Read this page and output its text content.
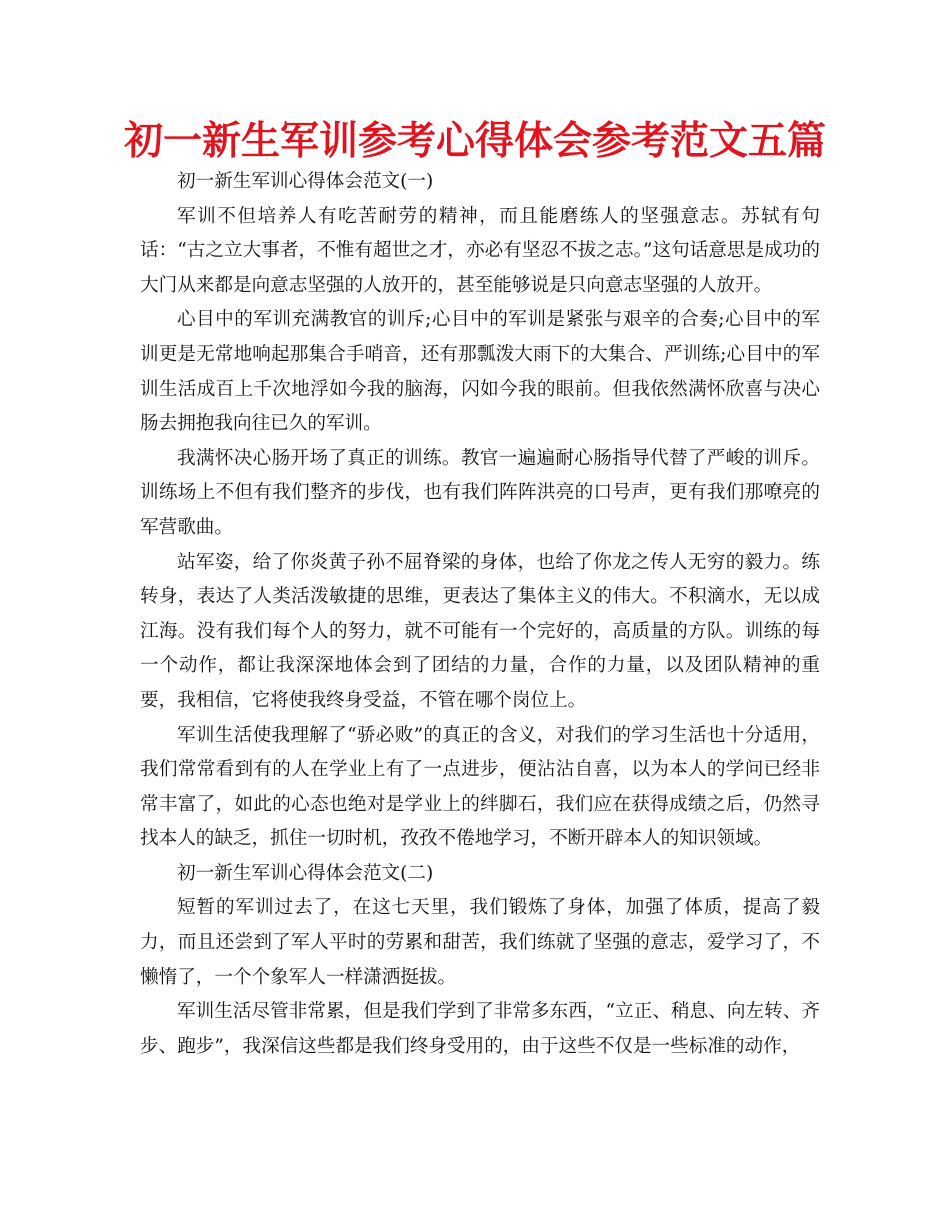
初一新生军训参考心得体会参考范文五篇

初一新生军训心得体会范文(一)

军训不但培养人有吃苦耐劳的精神，而且能磨练人的坚强意志。苏轼有句话：“古之立大事者，不惟有超世之才，亦必有坚忍不拔之志。”这句话意思是成功的大门从来都是向意志坚强的人放开的，甚至能够说是只向意志坚强的人放开。

心目中的军训充满教官的训斥;心目中的军训是紧张与艰辛的合奏;心目中的军训更是无常地响起那集合手哨音，还有那瓢泼大雨下的大集合、严训练;心目中的军训生活成百上千次地浮如今我的脑海，闪如今我的眼前。但我依然满怀欣喜与决心肠去拥抱我向往已久的军训。

我满怀决心肠开场了真正的训练。教官一遍遍耐心肠指导代替了严峻的训斥。训练场上不但有我们整齐的步伐，也有我们阵阵洪亮的口号声，更有我们那嘹亮的军营歌曲。

站军姿，给了你炎黄子孙不屈脊梁的身体，也给了你龙之传人无穷的毅力。练转身，表达了人类活泼敏捷的思维，更表达了集体主义的伟大。不积滴水，无以成江海。没有我们每个人的努力，就不可能有一个完好的，高质量的方队。训练的每一个动作，都让我深深地体会到了团结的力量，合作的力量，以及团队精神的重要，我相信，它将使我终身受益，不管在哪个岗位上。

军训生活使我理解了“骄必败”的真正的含义，对我们的学习生活也十分适用，我们常常看到有的人在学业上有了一点进步，便沾沾自喜，以为本人的学问已经非常丰富了，如此的心态也绝对是学业上的绊脚石，我们应在获得成绩之后，仍然寻找本人的缺乏，抓住一切时机，孜孜不倦地学习，不断开辟本人的知识领域。

初一新生军训心得体会范文(二)

短暂的军训过去了，在这七天里，我们锻炼了身体，加强了体质，提高了毅力，而且还尝到了军人平时的劳累和甜苦，我们练就了坚强的意志，爱学习了，不懒惰了，一个个象军人一样潇洒挺拔。

军训生活尽管非常累，但是我们学到了非常多东西，“立正、稍息、向左转、齐步、跑步”，我深信这些都是我们终身受用的，由于这些不仅是一些标准的动作，
